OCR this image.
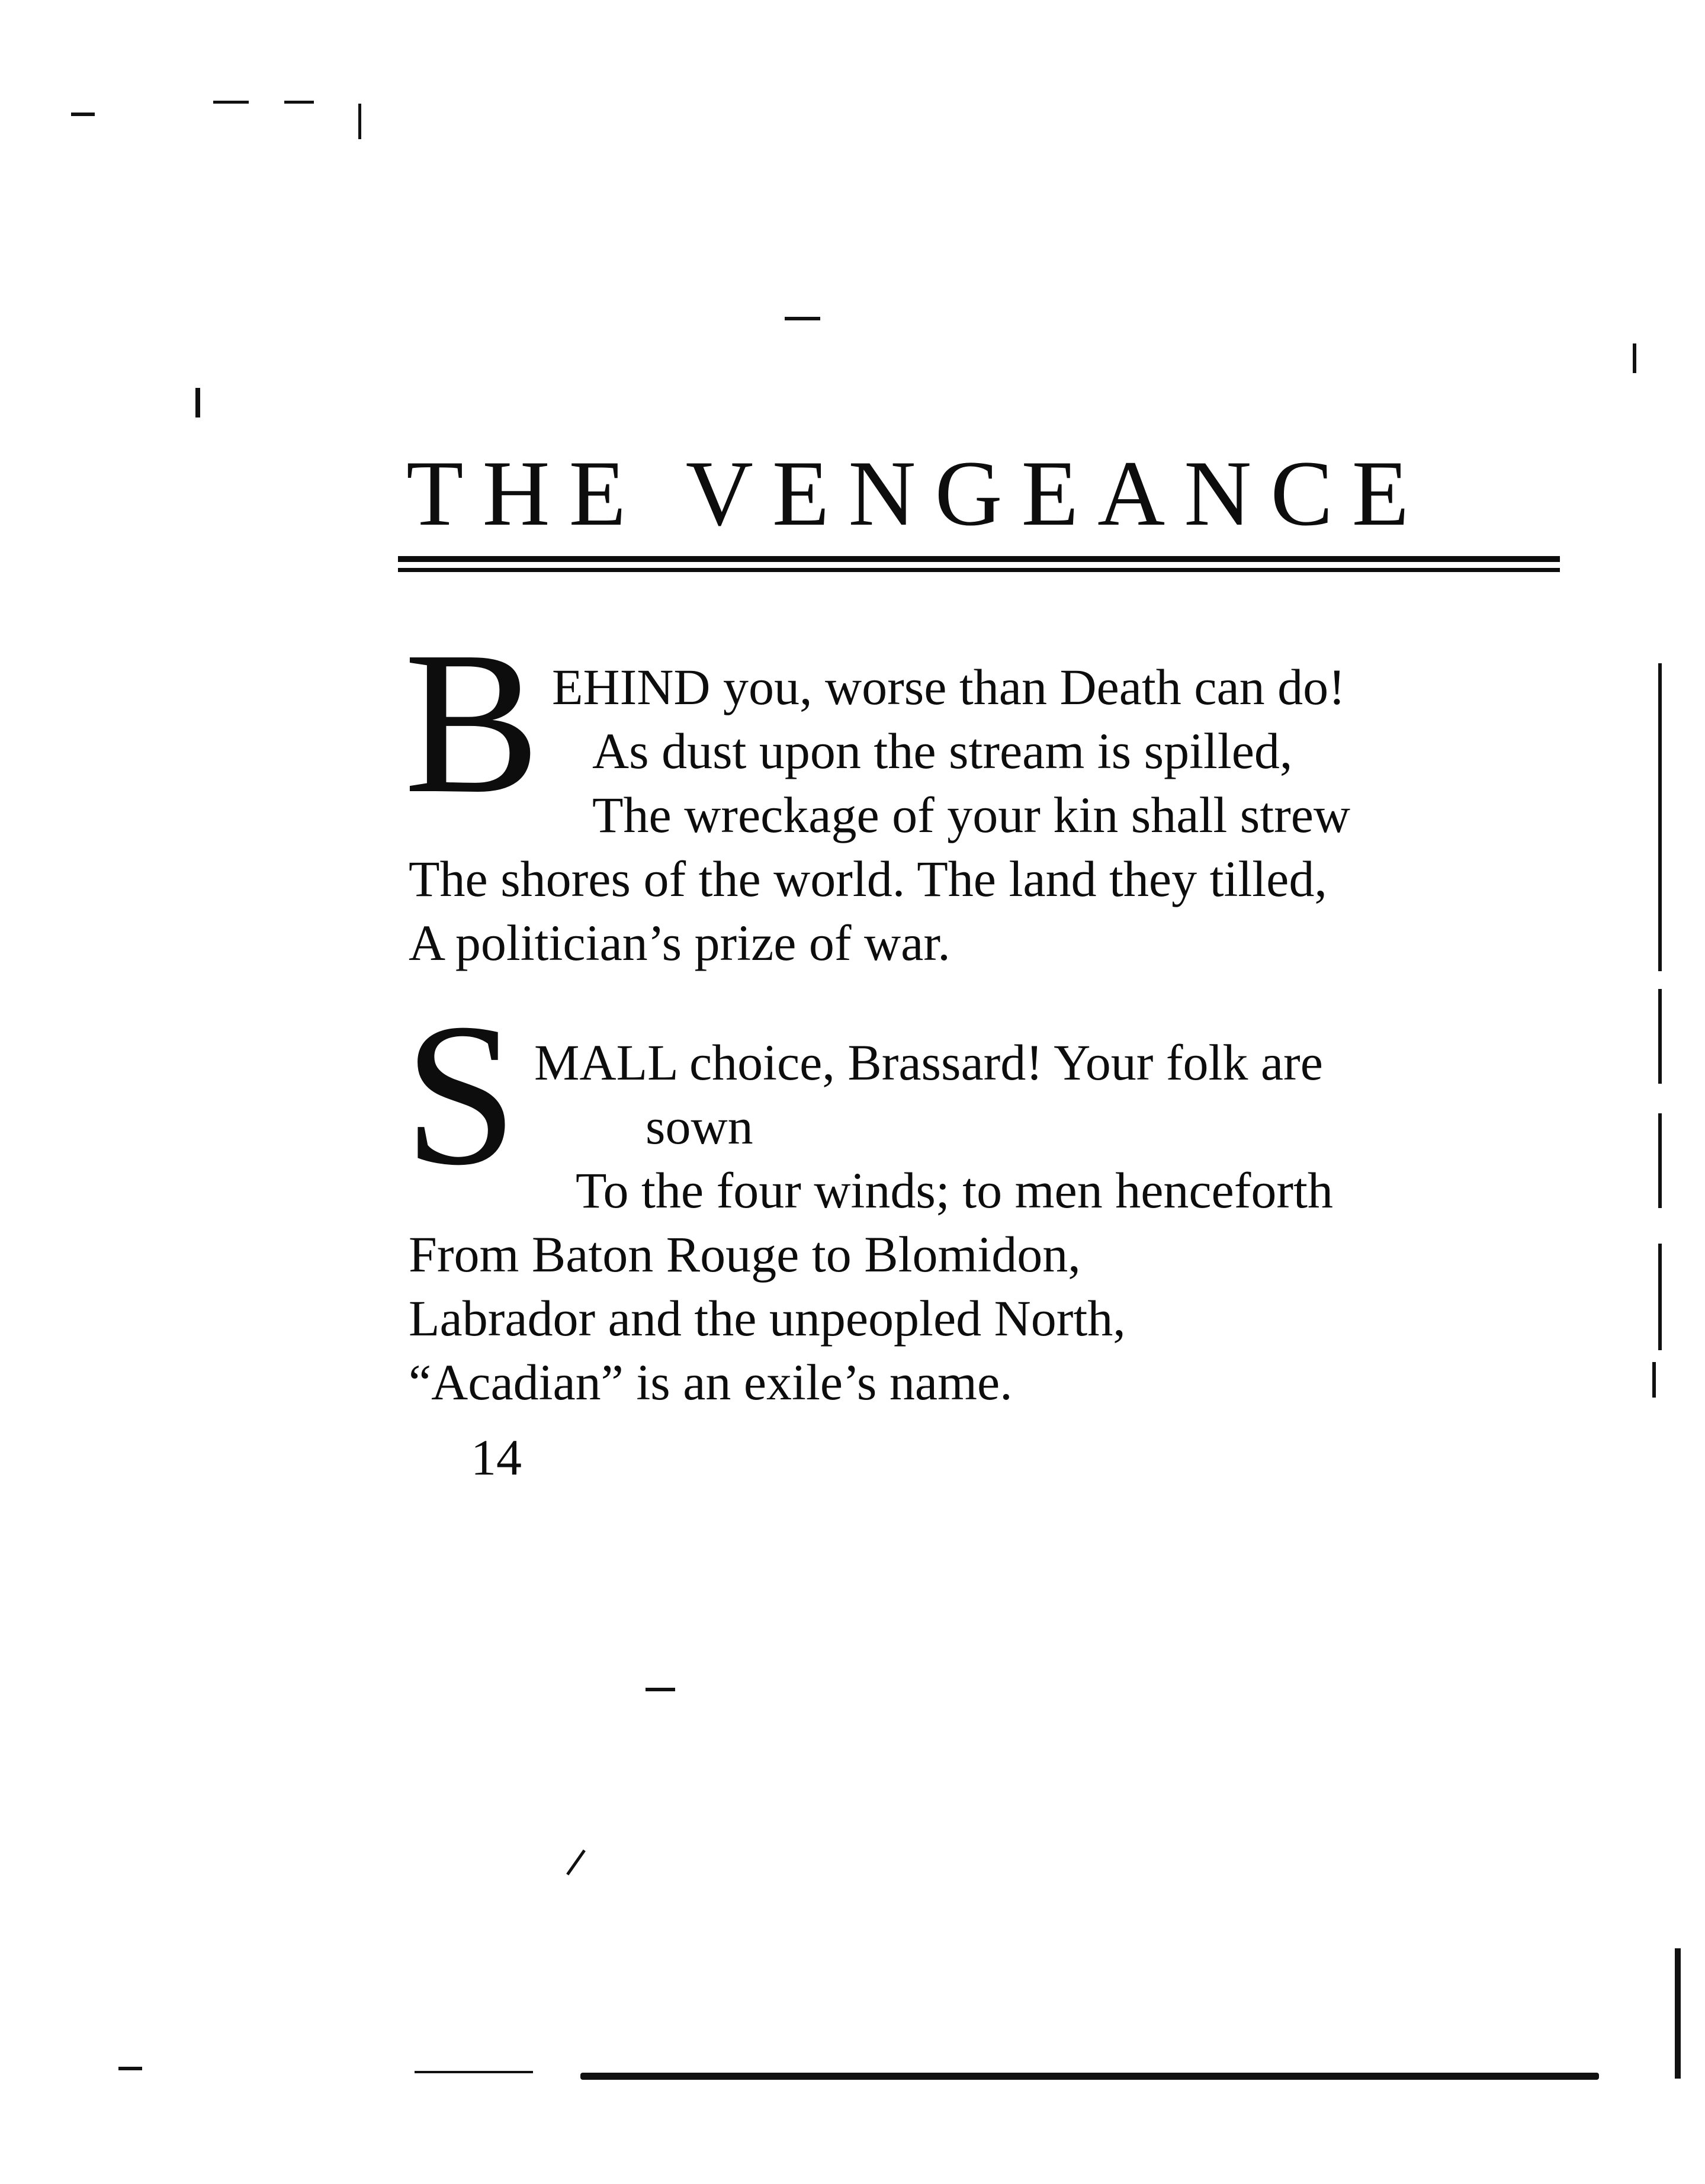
THE VENGEANCE
B EHIND you, worse than Death can do!
As dust upon the stream is spilled,
The wreckage of your kin shall strew
The shores of the world. The land they tilled,
A politician’s prize of war.
S MALL choice, Brassard! Your folk are
sown
To the four winds; to men henceforth
From Baton Rouge to Blomidon,
Labrador and the unpeopled North,
“Acadian” is an exile’s name.
14
